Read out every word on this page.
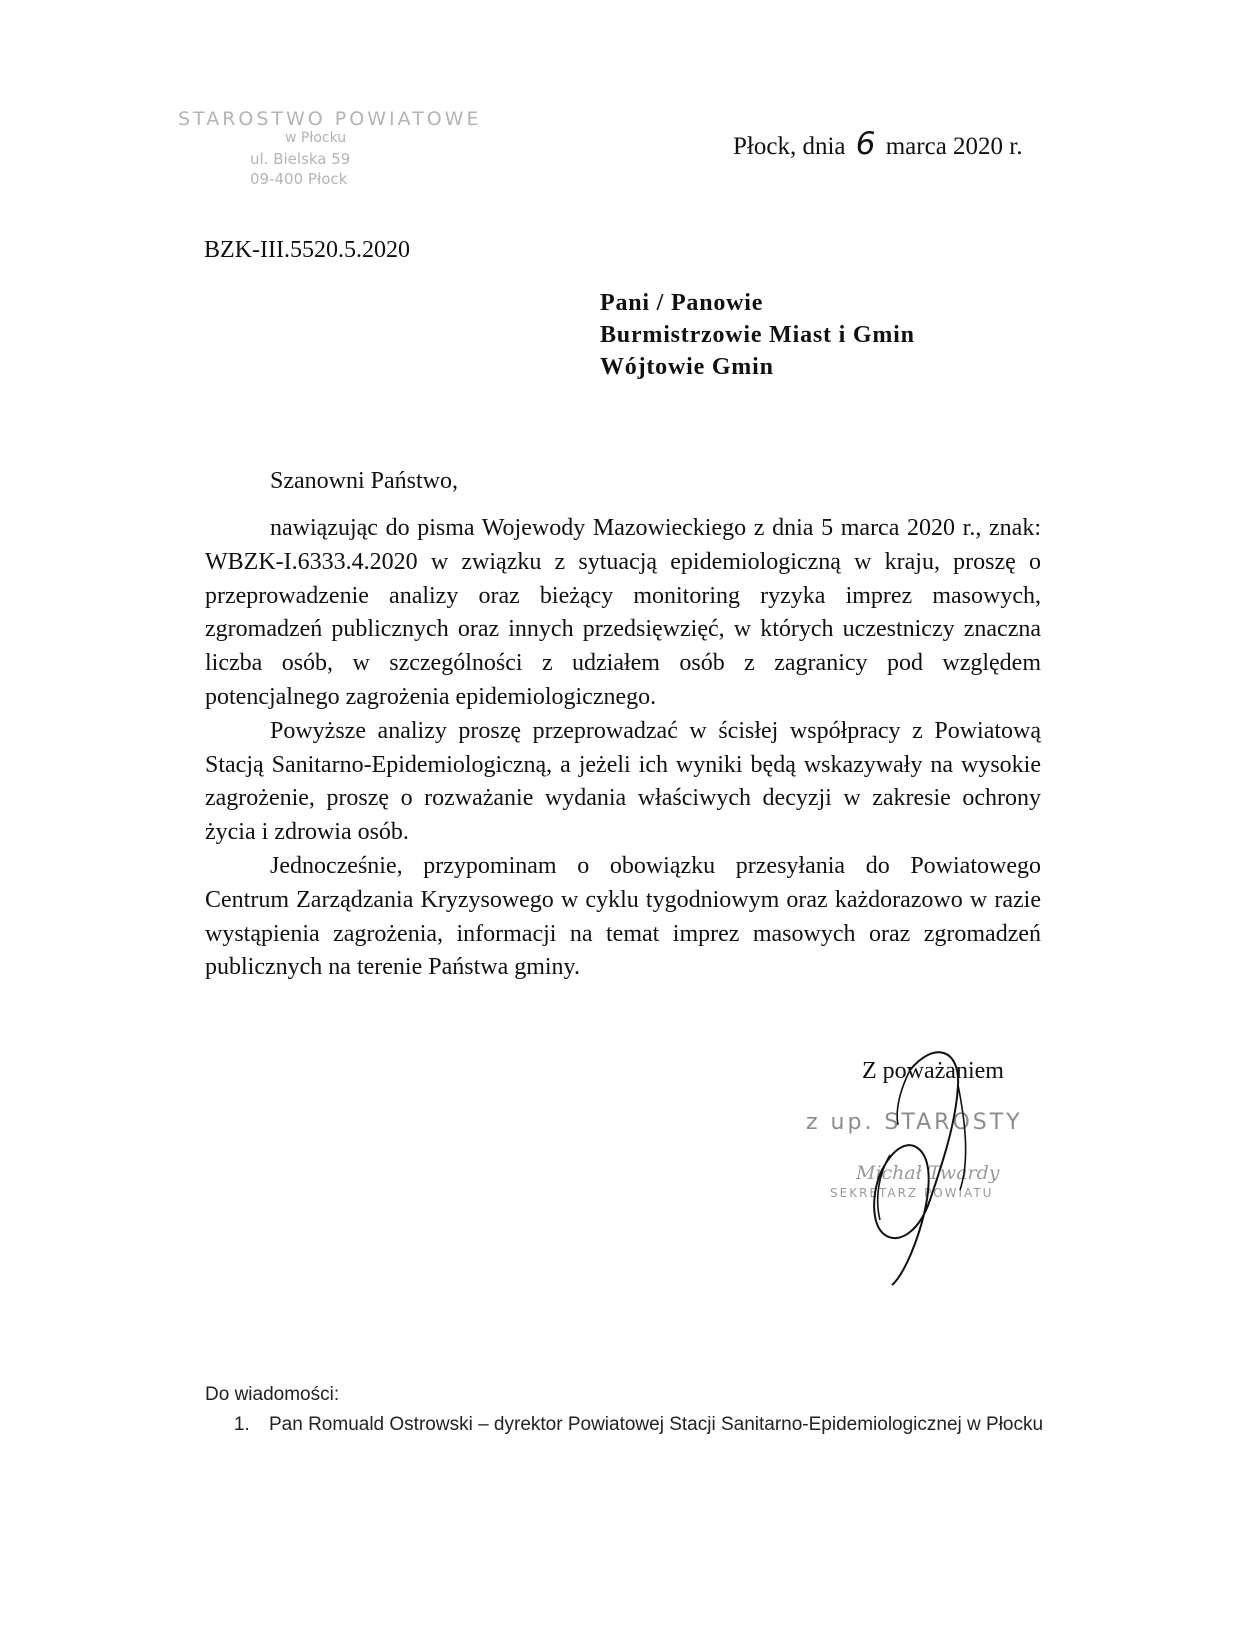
STAROSTWO POWIATOWE
w Płocku
ul. Bielska 59
09-400 Płock
Płock, dnia 6 marca 2020 r.
BZK-III.5520.5.2020
Pani / Panowie
Burmistrzowie Miast i Gmin
Wójtowie Gmin
Szanowni Państwo,

nawiązując do pisma Wojewody Mazowieckiego z dnia 5 marca 2020 r., znak: WBZK-I.6333.4.2020 w związku z sytuacją epidemiologiczną w kraju, proszę o przeprowadzenie analizy oraz bieżący monitoring ryzyka imprez masowych, zgromadzeń publicznych oraz innych przedsięwzięć, w których uczestniczy znaczna liczba osób, w szczególności z udziałem osób z zagranicy pod względem potencjalnego zagrożenia epidemiologicznego.

Powyższe analizy proszę przeprowadzać w ścisłej współpracy z Powiatową Stacją Sanitarno-Epidemiologiczną, a jeżeli ich wyniki będą wskazywały na wysokie zagrożenie, proszę o rozważanie wydania właściwych decyzji w zakresie ochrony życia i zdrowia osób.

Jednocześnie, przypominam o obowiązku przesyłania do Powiatowego Centrum Zarządzania Kryzysowego w cyklu tygodniowym oraz każdorazowo w razie wystąpienia zagrożenia, informacji na temat imprez masowych oraz zgromadzeń publicznych na terenie Państwa gminy.

Z poważaniem
z up. STAROSTY
Michał Twardy
SEKRETARZ POWIATU
Do wiadomości:
1. Pan Romuald Ostrowski – dyrektor Powiatowej Stacji Sanitarno-Epidemiologicznej w Płocku
